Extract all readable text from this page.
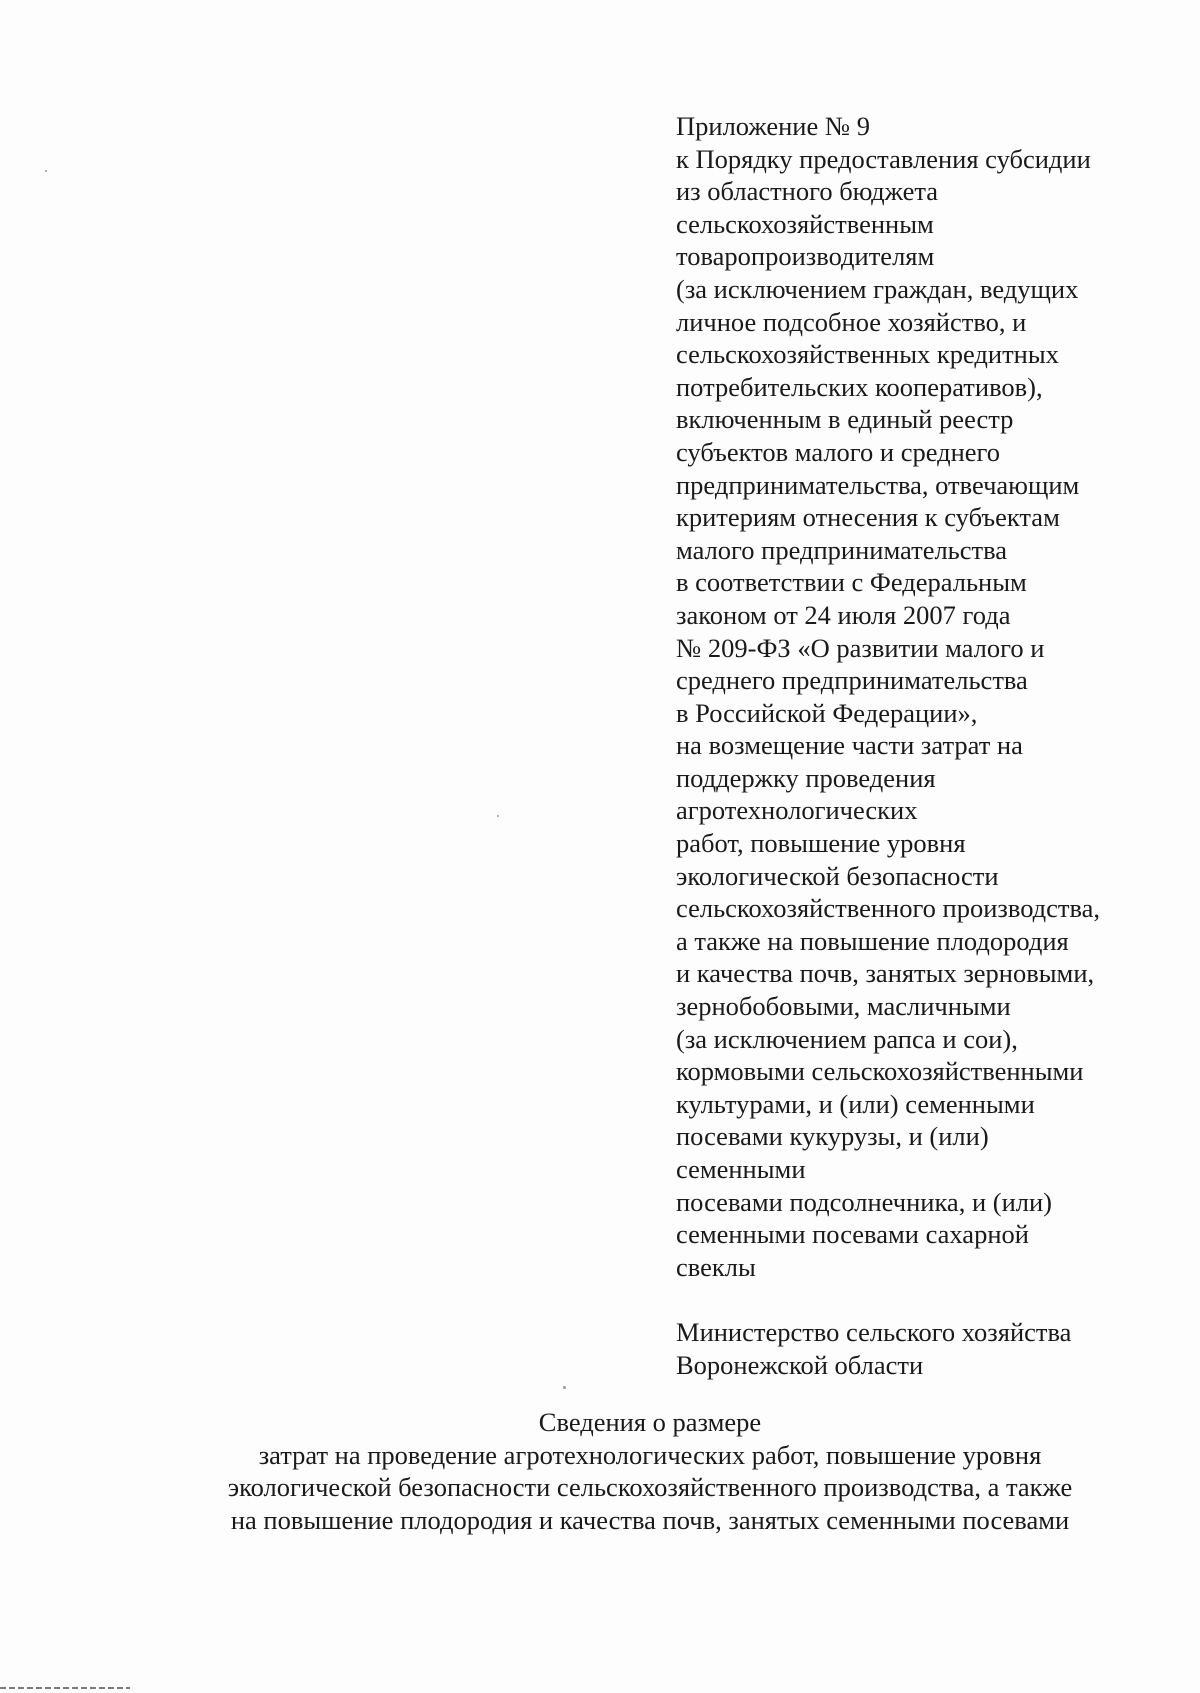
Приложение № 9
к Порядку предоставления субсидии
из областного бюджета
сельскохозяйственным
товаропроизводителям
(за исключением граждан, ведущих
личное подсобное хозяйство, и
сельскохозяйственных кредитных
потребительских кооперативов),
включенным в единый реестр
субъектов малого и среднего
предпринимательства, отвечающим
критериям отнесения к субъектам
малого предпринимательства
в соответствии с Федеральным
законом от 24 июля 2007 года
№ 209-ФЗ «О развитии малого и
среднего предпринимательства
в Российской Федерации»,
на возмещение части затрат на
поддержку проведения
агротехнологических
работ, повышение уровня
экологической безопасности
сельскохозяйственного производства,
а также на повышение плодородия
и качества почв, занятых зерновыми,
зернобобовыми, масличными
(за исключением рапса и сои),
кормовыми сельскохозяйственными
культурами, и (или) семенными
посевами кукурузы, и (или)
семенными
посевами подсолнечника, и (или)
семенными посевами сахарной
свеклы
Министерство сельского хозяйства
Воронежской области
Сведения о размере
затрат на проведение агротехнологических работ, повышение уровня
экологической безопасности сельскохозяйственного производства, а также
на повышение плодородия и качества почв, занятых семенными посевами
